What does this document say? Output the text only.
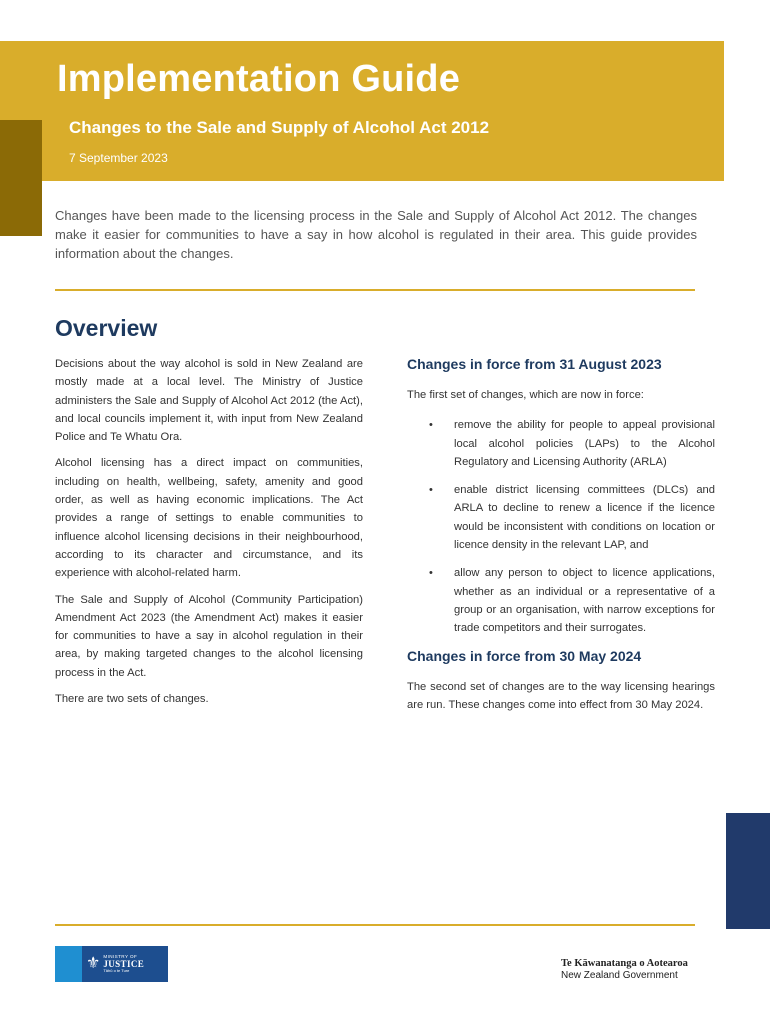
Implementation Guide
Changes to the Sale and Supply of Alcohol Act 2012

7 September 2023

Changes have been made to the licensing process in the Sale and Supply of Alcohol Act 2012. The changes make it easier for communities to have a say in how alcohol is regulated in their area. This guide provides information about the changes.

Overview

Decisions about the way alcohol is sold in New Zealand are mostly made at a local level. The Ministry of Justice administers the Sale and Supply of Alcohol Act 2012 (the Act), and local councils implement it, with input from New Zealand Police and Te Whatu Ora.

Alcohol licensing has a direct impact on communities, including on health, wellbeing, safety, amenity and good order, as well as having economic implications. The Act provides a range of settings to enable communities to influence alcohol licensing decisions in their neighbourhood, according to its character and circumstance, and its experience with alcohol-related harm.

The Sale and Supply of Alcohol (Community Participation) Amendment Act 2023 (the Amendment Act) makes it easier for communities to have a say in alcohol regulation in their area, by making targeted changes to the alcohol licensing process in the Act.

There are two sets of changes.

Changes in force from 31 August 2023

The first set of changes, which are now in force:

• remove the ability for people to appeal provisional local alcohol policies (LAPs) to the Alcohol Regulatory and Licensing Authority (ARLA)
• enable district licensing committees (DLCs) and ARLA to decline to renew a licence if the licence would be inconsistent with conditions on location or licence density in the relevant LAP, and
• allow any person to object to licence applications, whether as an individual or a representative of a group or an organisation, with narrow exceptions for trade competitors and their surrogates.
Changes in force from 30 May 2024

The second set of changes are to the way licensing hearings are run. These changes come into effect from 30 May 2024.

⚜ MINISTRY OF
JUSTICE
Tāhū o te Ture
Te Kāwanatanga o Aotearoa
New Zealand Government
